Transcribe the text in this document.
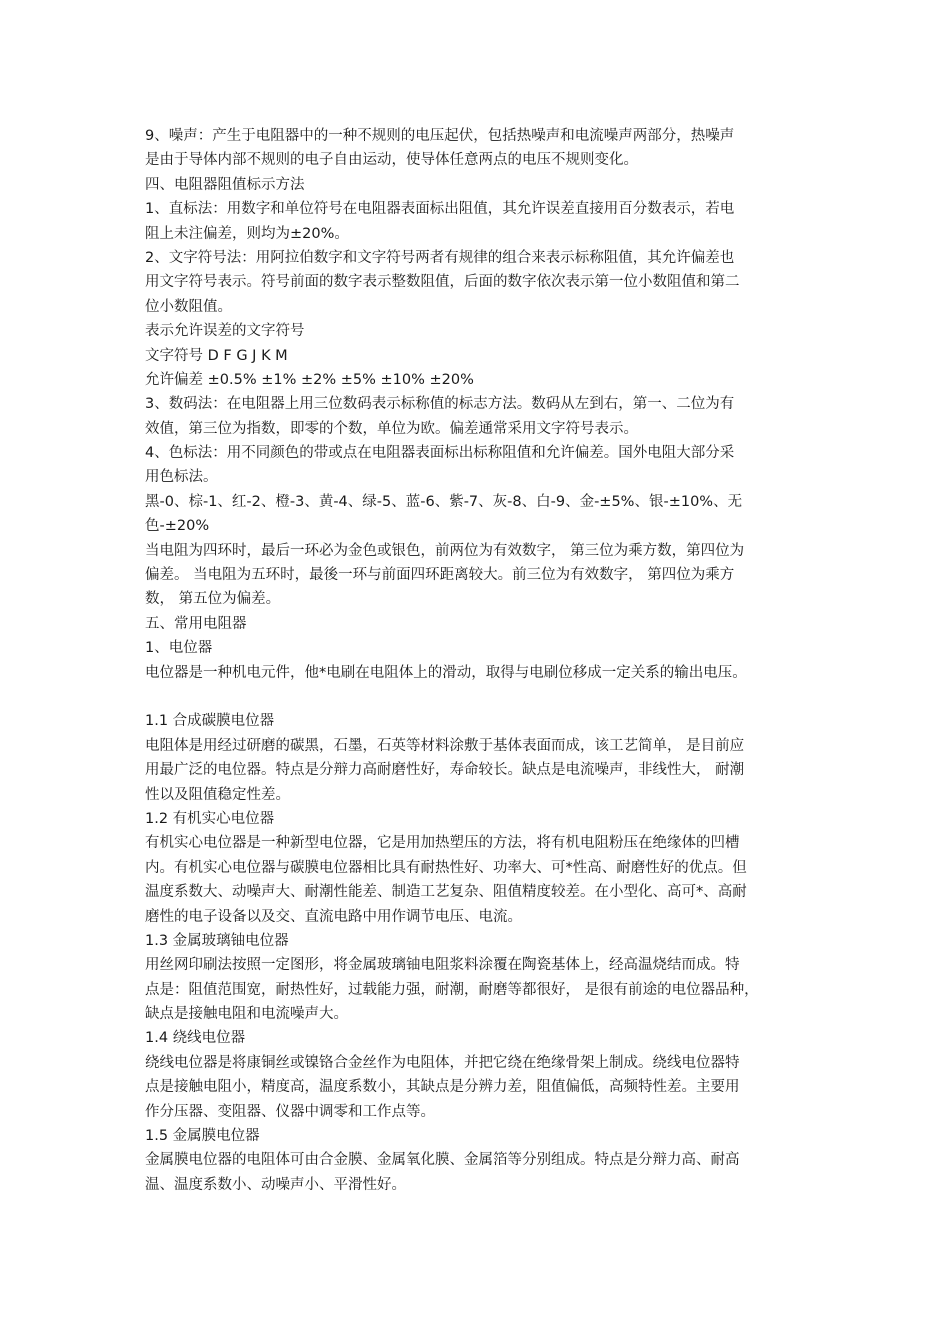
9、噪声：产生于电阻器中的一种不规则的电压起伏，包括热噪声和电流噪声两部分，热噪声
是由于导体内部不规则的电子自由运动，使导体任意两点的电压不规则变化。
四、电阻器阻值标示方法
1、直标法：用数字和单位符号在电阻器表面标出阻值，其允许误差直接用百分数表示，若电
阻上未注偏差，则均为±20%。
2、文字符号法：用阿拉伯数字和文字符号两者有规律的组合来表示标称阻值，其允许偏差也
用文字符号表示。符号前面的数字表示整数阻值，后面的数字依次表示第一位小数阻值和第二
位小数阻值。
表示允许误差的文字符号
文字符号 D F G J K M
允许偏差 ±0.5% ±1% ±2% ±5% ±10% ±20%
3、数码法：在电阻器上用三位数码表示标称值的标志方法。数码从左到右，第一、二位为有
效值，第三位为指数，即零的个数，单位为欧。偏差通常采用文字符号表示。
4、色标法：用不同颜色的带或点在电阻器表面标出标称阻值和允许偏差。国外电阻大部分采
用色标法。
黑-0、棕-1、红-2、橙-3、黄-4、绿-5、蓝-6、紫-7、灰-8、白-9、金-±5%、银-±10%、无
色-±20%
当电阻为四环时，最后一环必为金色或银色，前两位为有效数字， 第三位为乘方数，第四位为
偏差。 当电阻为五环时，最後一环与前面四环距离较大。前三位为有效数字， 第四位为乘方
数， 第五位为偏差。
五、常用电阻器
1、电位器
电位器是一种机电元件，他*电刷在电阻体上的滑动，取得与电刷位移成一定关系的输出电压。
1.1 合成碳膜电位器
电阻体是用经过研磨的碳黑，石墨，石英等材料涂敷于基体表面而成，该工艺简单， 是目前应
用最广泛的电位器。特点是分辩力高耐磨性好，寿命较长。缺点是电流噪声，非线性大， 耐潮
性以及阻值稳定性差。
1.2 有机实心电位器
有机实心电位器是一种新型电位器，它是用加热塑压的方法，将有机电阻粉压在绝缘体的凹槽
内。有机实心电位器与碳膜电位器相比具有耐热性好、功率大、可*性高、耐磨性好的优点。但
温度系数大、动噪声大、耐潮性能差、制造工艺复杂、阻值精度较差。在小型化、高可*、高耐
磨性的电子设备以及交、直流电路中用作调节电压、电流。
1.3 金属玻璃铀电位器
用丝网印刷法按照一定图形，将金属玻璃铀电阻浆料涂覆在陶瓷基体上，经高温烧结而成。特
点是：阻值范围宽，耐热性好，过载能力强，耐潮，耐磨等都很好， 是很有前途的电位器品种，
缺点是接触电阻和电流噪声大。
1.4 绕线电位器
绕线电位器是将康铜丝或镍铬合金丝作为电阻体，并把它绕在绝缘骨架上制成。绕线电位器特
点是接触电阻小，精度高，温度系数小，其缺点是分辨力差，阻值偏低，高频特性差。主要用
作分压器、变阻器、仪器中调零和工作点等。
1.5 金属膜电位器
金属膜电位器的电阻体可由合金膜、金属氧化膜、金属箔等分别组成。特点是分辩力高、耐高
温、温度系数小、动噪声小、平滑性好。
